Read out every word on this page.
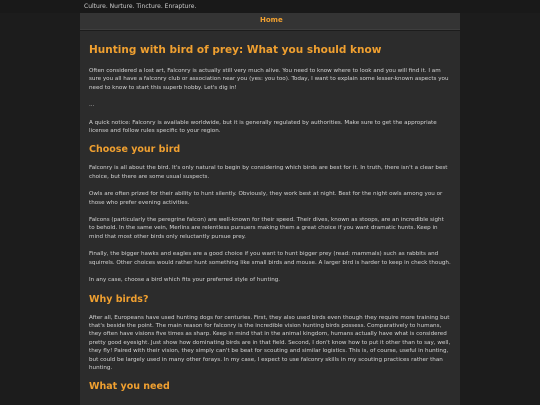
Culture. Nurture. Tincture. Enrapture.
Home
Hunting with bird of prey: What you should know

Often considered a lost art, Falconry is actually still very much alive. You need to know where to look and you will find it. I am sure you all have a falconry club or association near you (yes: you too). Today, I want to explain some lesser-known aspects you need to know to start this superb hobby. Let's dig in!

...

A quick notice: Falconry is available worldwide, but it is generally regulated by authorities. Make sure to get the appropriate license and follow rules specific to your region.

Choose your bird

Falconry is all about the bird. It's only natural to begin by considering which birds are best for it. In truth, there isn't a clear best choice, but there are some usual suspects.

Owls are often prized for their ability to hunt silently. Obviously, they work best at night. Best for the night owls among you or those who prefer evening activities.

Falcons (particularly the peregrine falcon) are well-known for their speed. Their dives, known as stoops, are an incredible sight to behold. In the same vein, Merlins are relentless pursuers making them a great choice if you want dramatic hunts. Keep in mind that most other birds only reluctantly pursue prey.

Finally, the bigger hawks and eagles are a good choice if you want to hunt bigger prey (read: mammals) such as rabbits and squirrels. Other choices would rather hunt something like small birds and mouse. A larger bird is harder to keep in check though.

In any case, choose a bird which fits your preferred style of hunting.

Why birds?

After all, Europeans have used hunting dogs for centuries. First, they also used birds even though they require more training but that's beside the point. The main reason for falconry is the incredible vision hunting birds possess. Comparatively to humans, they often have visions five times as sharp. Keep in mind that in the animal kingdom, humans actually have what is considered pretty good eyesight. Just show how dominating birds are in that field. Second, I don't know how to put it other than to say, well, they fly! Paired with their vision, they simply can't be beat for scouting and similar logistics. This is, of course, useful in hunting, but could be largely used in many other forays. In my case, I expect to use falconry skills in my scouting practices rather than hunting.

What you need
